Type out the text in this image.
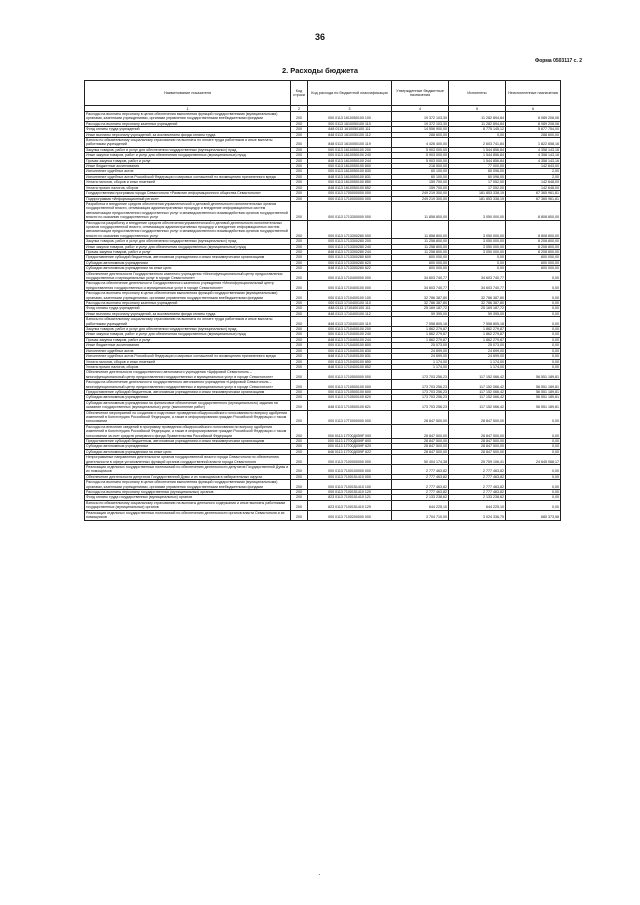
36
Форма 0503117 с. 2
2. Расходы бюджета
Наименование показателя	Код строки	Код расхода по бюджетной классификации	Утвержденные бюджетные назначения	Исполнено	Неисполненные назначения
1	2	3	4	5	6
Расходы на выплаты персоналу в целях обеспечения выполнения функций государственными (муниципальными) органами, казенными учреждениями, органами управления государственными внебюджетными фондами	200	000 0113 1610050100 100	19 372 103,30	11 282 894,84	8 089 208,06
Расходы на выплаты персоналу казенных учреждений	200	000 0113 1610050100 110	19 372 103,30	11 282 894,84	8 089 208,06
Фонд оплаты труда учреждений	200	848 0113 1610050100 111	14 556 900,00	8 775 145,12	5 677 754,00
Иные выплаты персоналу учреждений, за исключением фонда оплаты труда	200	848 0113 1610050100 112	288 600,00	0,00	288 600,00
Взносы по обязательному социальному страхованию на выплаты по оплате труда работников и иные выплаты работникам учреждений	200	848 0113 1610050100 119	4 426 400,00	2 603 741,84	1 822 658,16
Закупка товаров, работ и услуг для обеспечения государственных (муниципальных) нужд	200	000 0113 1610050100 200	5 903 000,00	1 544 856,84	4 358 143,16
Иные закупки товаров, работ и услуг для обеспечения государственных (муниципальных) нужд	200	000 0113 1610050100 240	5 903 000,00	1 544 856,84	4 358 143,16
Прочая закупка товаров, работ и услуг	200	848 0113 1610050100 244	5 903 000,00	1 544 856,84	4 358 143,16
Иные бюджетные ассигнования	200	000 0113 1610050100 800	218 500,00	77 000,00	142 643,00
Исполнение судебных актов	200	000 0113 1610050100 830	60 100,00	60 096,00	2,00
Исполнение судебных актов Российской Федерации и мировых соглашений по возмещению причиненного вреда	200	848 0113 1610050100 831	60 100,00	60 096,00	2,00
Уплата налогов, сборов и иных платежей	200	000 0113 1610050100 850	159 700,00	17 052,00	142 648,00
Уплата прочих налогов, сборов	200	848 0113 1610050100 852	159 700,00	17 052,00	142 648,00
Государственная программа города Севастополя «Развитие информационного общества Севастополя»	200	000 0113 1700000000 000	249 219 300,00	181 853 338,19	67 365 961,81
Подпрограмма «Информационный регион»	200	000 0113 1710000000 000	249 219 300,00	181 853 338,19	67 365 961,81
Разработка и внедрение средств обеспечения управленческой и деловой деятельности исполнительных органов государственной власти, оптимизация административных процедур и внедрение информационных систем автоматизации предоставления государственных услуг и межведомственного взаимодействия органов государственной власти по оказанию государственных услуг	200	000 0113 1713300000 000	11 858 800,00	3 050 000,00	8 808 800,00
Расходы на разработку и внедрение средств обеспечения управленческой и деловой деятельности исполнительных органов государственной власти, оптимизация административных процедур и внедрение информационных систем автоматизации предоставления государственных услуг и межведомственного взаимодействия органов государственной власти по оказанию государственных услуг	200	000 0113 1713300280 000	11 858 800,00	3 050 000,00	8 808 800,00
Закупка товаров, работ и услуг для обеспечения государственных (муниципальных) нужд	200	000 0113 1713300280 200	11 258 800,00	3 050 000,00	8 208 800,00
Иные закупки товаров, работ и услуг для обеспечения государственных (муниципальных) нужд	200	000 0113 1713300280 240	11 258 800,00	3 050 000,00	8 208 800,00
Прочая закупка товаров, работ и услуг	200	848 0113 1713300280 244	11 258 800,00	3 050 000,00	8 208 800,00
Предоставление субсидий бюджетным, автономным учреждениям и иным некоммерческим организациям	200	000 0113 1713300280 600	600 000,00	0,00	600 000,00
Субсидии автономным учреждениям	200	000 0113 1713300280 620	600 000,00	0,00	600 000,00
Субсидии автономным учреждениям на иные цели	200	848 0113 1713300280 622	600 000,00	0,00	600 000,00
Обеспечение деятельности Государственного казенного учреждения «Многофункциональный центр предоставления государственных и муниципальных услуг в городе Севастополе»	200	000 0113 1710400000 000	34 603 740,77	34 603 740,77	0,00
Расходы на обеспечение деятельности Государственного казенного учреждения «Многофункциональный центр предоставления государственных и муниципальных услуг в городе Севастополе»	200	000 0113 1710400100 000	34 603 740,77	34 603 740,77	0,00
Расходы на выплаты персоналу в целях обеспечения выполнения функций государственными (муниципальными) органами, казенными учреждениями, органами управления государственными внебюджетными фондами	200	000 0113 1710400100 100	32 786 387,80	32 786 387,80	0,00
Расходы на выплаты персоналу казенных учреждений	200	000 0113 1710400100 110	32 786 387,80	32 786 387,80	0,00
Фонд оплаты труда учреждений	200	848 0113 1710400100 111	25 169 187,72	25 169 187,72	0,00
Иные выплаты персоналу учреждений, за исключением фонда оплаты труда	200	848 0113 1710400100 112	59 395,00	59 395,00	0,00
Взносы по обязательному социальному страхованию на выплаты по оплате труда работников и иные выплаты работникам учреждений	200	848 0113 1710400100 119	7 558 805,18	7 558 805,18	0,00
Закупка товаров, работ и услуг для обеспечения государственных (муниципальных) нужд	200	000 0113 1710400100 200	1 862 279,87	1 862 279,87	0,00
Иные закупки товаров, работ и услуг для обеспечения государственных (муниципальных) нужд	200	000 0113 1710400100 240	1 862 279,87	1 862 279,87	0,00
Прочая закупка товаров, работ и услуг	200	848 0113 1710400100 244	1 862 279,87	1 862 279,87	0,00
Иные бюджетные ассигнования	200	000 0113 1710400100 800	25 073,00	25 073,00	0,00
Исполнение судебных актов	200	000 0113 1710400100 830	24 699,00	24 699,00	0,00
Исполнение судебных актов Российской Федерации и мировых соглашений по возмещению причиненного вреда	200	848 0113 1710400100 831	24 699,00	24 699,00	0,00
Уплата налогов, сборов и иных платежей	200	000 0113 1710400100 850	1 174,00	1 174,00	0,00
Уплата прочих налогов, сборов	200	848 0113 1710400100 852	1 174,00	1 174,00	0,00
Обеспечение деятельности государственного автономного учреждения «Цифровой Севастополь – многофункциональный центр предоставления государственных и муниципальных услуг в городе Севастополе»	200	000 0113 1710500000 000	173 703 256,23	117 152 066,42	56 551 189,81
Расходы на обеспечение деятельности государственного автономного учреждения «Цифровой Севастополь – многофункциональный центр предоставления государственных и муниципальных услуг в городе Севастополе»	200	000 0113 1710500100 000	173 703 256,23	117 152 066,42	56 551 189,81
Предоставление субсидий бюджетным, автономным учреждениям и иным некоммерческим организациям	200	000 0113 1710500100 600	173 703 256,23	117 152 066,42	56 551 189,81
Субсидии автономным учреждениям	200	000 0113 1710500100 620	173 703 256,23	117 152 066,42	56 551 189,81
Субсидии автономным учреждениям на финансовое обеспечение государственного (муниципального) задания на оказание государственных (муниципальных) услуг (выполнение работ)	200	848 0113 1710500100 621	173 703 256,23	117 152 066,42	56 551 189,81
Обеспечение мероприятий по созданию и подготовке проведения общероссийского голосования по вопросу одобрения изменений в Конституцию Российской Федерации, а также в информировании граждан Российской Федерации о таком голосовании	200	000 0113 17Г0000000 000	28 847 500,00	28 847 500,00	0,00
Расходы на внесение сведений в программу проведения общероссийского голосования по вопросу одобрения изменений в Конституцию Российской Федерации, а также в информирование граждан Российской Федерации о таком голосовании за счет средств резервного фонда Правительства Российской Федерации	200	000 0113 17Г00Д059F 000	28 847 500,00	28 847 500,00	0,00
Предоставление субсидий бюджетным, автономным учреждениям и иным некоммерческим организациям	200	000 0113 17Г00Д059F 600	28 847 500,00	28 847 500,00	0,00
Субсидии автономным учреждениям	200	000 0113 17Г00Д059F 620	28 847 500,00	28 847 500,00	0,00
Субсидии автономным учреждениям на иные цели	200	848 0113 17Г00Д059F 622	28 847 500,00	28 847 500,00	0,00
Непрограммные направления деятельности органов государственной власти города Севастополя по обеспечению деятельности в сфере установленных функций органов государственной власти города Севастополя	200	000 0113 7100000000 000	50 404 174,38	25 759 106,41	24 645 068,17
Реализация отдельных государственных полномочий по обеспечению деятельности депутатов Государственной Думы и их помощников	200	000 0113 7100100000 000	2 777 463,82	2 777 463,82	0,00
Обеспечение деятельности депутатов Государственной Думы и их помощников в избирательных округах	200	000 0113 7100151410 000	2 777 463,82	2 777 463,82	0,00
Расходы на выплаты персоналу в целях обеспечения выполнения функций государственными (муниципальными) органами, казенными учреждениями, органами управления государственными внебюджетными фондами	200	000 0113 7100151410 100	2 777 463,82	2 777 463,82	0,00
Расходы на выплаты персоналу государственных (муниципальных) органов	200	000 0113 7100151410 120	2 777 463,82	2 777 463,82	0,00
Фонд оплаты труда государственных (муниципальных) органов	200	823 0113 7100151410 121	2 133 238,62	2 133 238,62	0,00
Взносы по обязательному социальному страхованию на выплаты денежного содержания и иные выплаты работникам государственных (муниципальных) органов	200	823 0113 7100151410 129	644 225,10	644 225,10	0,00
Реализация отдельных государственных полномочий по обеспечению деятельности органов власти Севастополя и их помощников	200	000 0113 7100200000 000	3 704 710,00	3 024 336,75	680 373,58
·
